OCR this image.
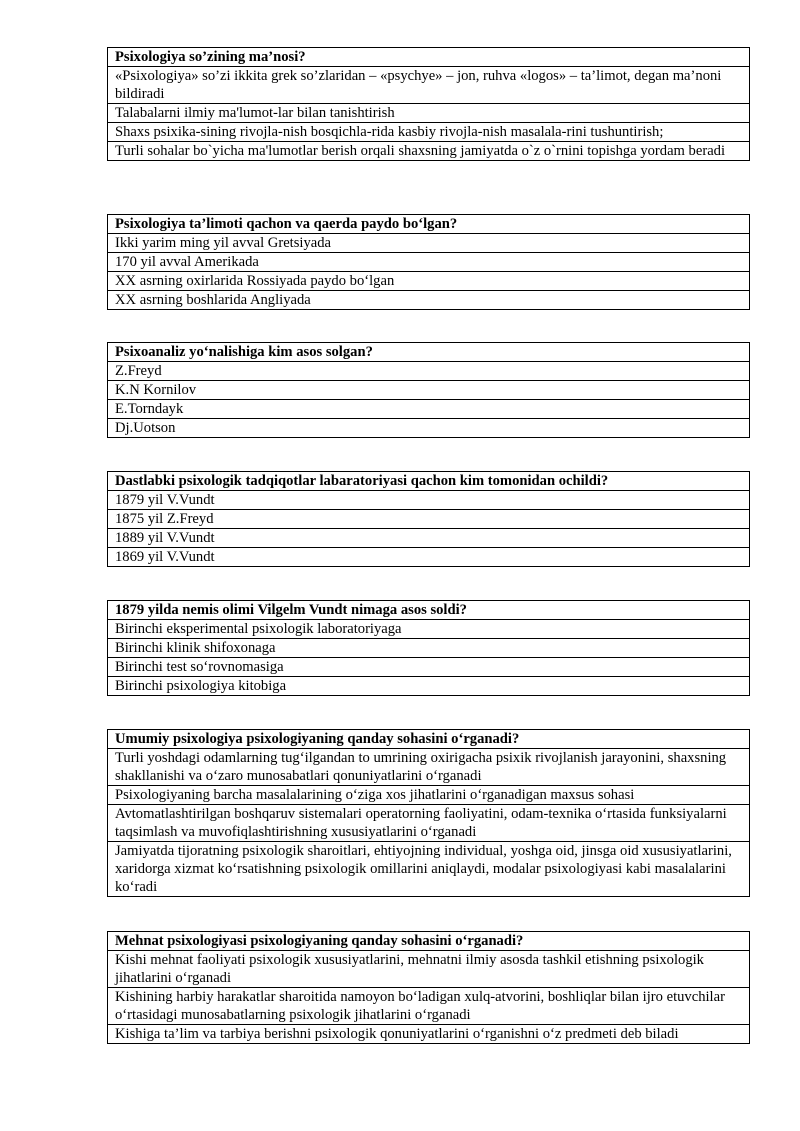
Psixologiya so’zining ma’nosi?
«Psixologiya» so’zi ikkita grek so’zlaridan – «psychye» – jon, ruhva «logos» – ta’limot, degan ma’noni bildiradi
Talabalarni ilmiy ma'lumot-lar bilan tanishtirish
Shaxs psixika-sining rivojla-nish bosqichla-rida kasbiy rivojla-nish masalala-rini tushuntirish;
Turli sohalar bo`yicha ma'lumotlar berish orqali shaxsning jamiyatda o`z o`rnini topishga yordam beradi
Psixologiya ta’limoti qachon va qaerda paydo bo‘lgan?
Ikki yarim ming yil avval Gretsiyada
170 yil avval Amerikada
XX asrning oxirlarida Rossiyada paydo bo‘lgan
XX asrning boshlarida Angliyada
Psixoanaliz yo‘nalishiga kim asos solgan?
Z.Freyd
K.N Kornilov
E.Torndayk
Dj.Uotson
Dastlabki psixologik tadqiqotlar labaratoriyasi qachon kim tomonidan ochildi?
1879 yil V.Vundt
1875 yil Z.Freyd
1889 yil V.Vundt
1869 yil V.Vundt
1879 yilda nemis olimi Vilgelm Vundt nimaga asos soldi?
Birinchi eksperimental psixologik laboratoriyaga
Birinchi klinik shifoxonaga
Birinchi test so‘rovnomasiga
Birinchi psixologiya kitobiga
Umumiy psixologiya psixologiyaning qanday sohasini o‘rganadi?
Turli yoshdagi odamlarning tug‘ilgandan to umrining oxirigacha psixik rivojlanish jarayonini, shaxsning shakllanishi va o‘zaro munosabatlari qonuniyatlarini o‘rganadi
Psixologiyaning barcha masalalarining o‘ziga xos jihatlarini o‘rganadigan maxsus sohasi
Avtomatlashtirilgan boshqaruv sistemalari operatorning faoliyatini, odam-texnika o‘rtasida funksiyalarni taqsimlash va muvofiqlashtirishning xususiyatlarini o‘rganadi
Jamiyatda tijoratning psixologik sharoitlari, ehtiyojning individual, yoshga oid, jinsga oid xususiyatlarini, xaridorga xizmat ko‘rsatishning psixologik omillarini aniqlaydi, modalar psixologiyasi kabi masalalarini ko‘radi
Mehnat psixologiyasi psixologiyaning qanday sohasini o‘rganadi?
Kishi mehnat faoliyati psixologik xususiyatlarini, mehnatni ilmiy asosda tashkil etishning psixologik jihatlarini o‘rganadi
Kishining harbiy harakatlar sharoitida namoyon bo‘ladigan xulq-atvorini, boshliqlar bilan ijro etuvchilar o‘rtasidagi munosabatlarning psixologik jihatlarini o‘rganadi
Kishiga ta’lim va tarbiya berishni psixologik qonuniyatlarini o‘rganishni o‘z predmeti deb biladi
